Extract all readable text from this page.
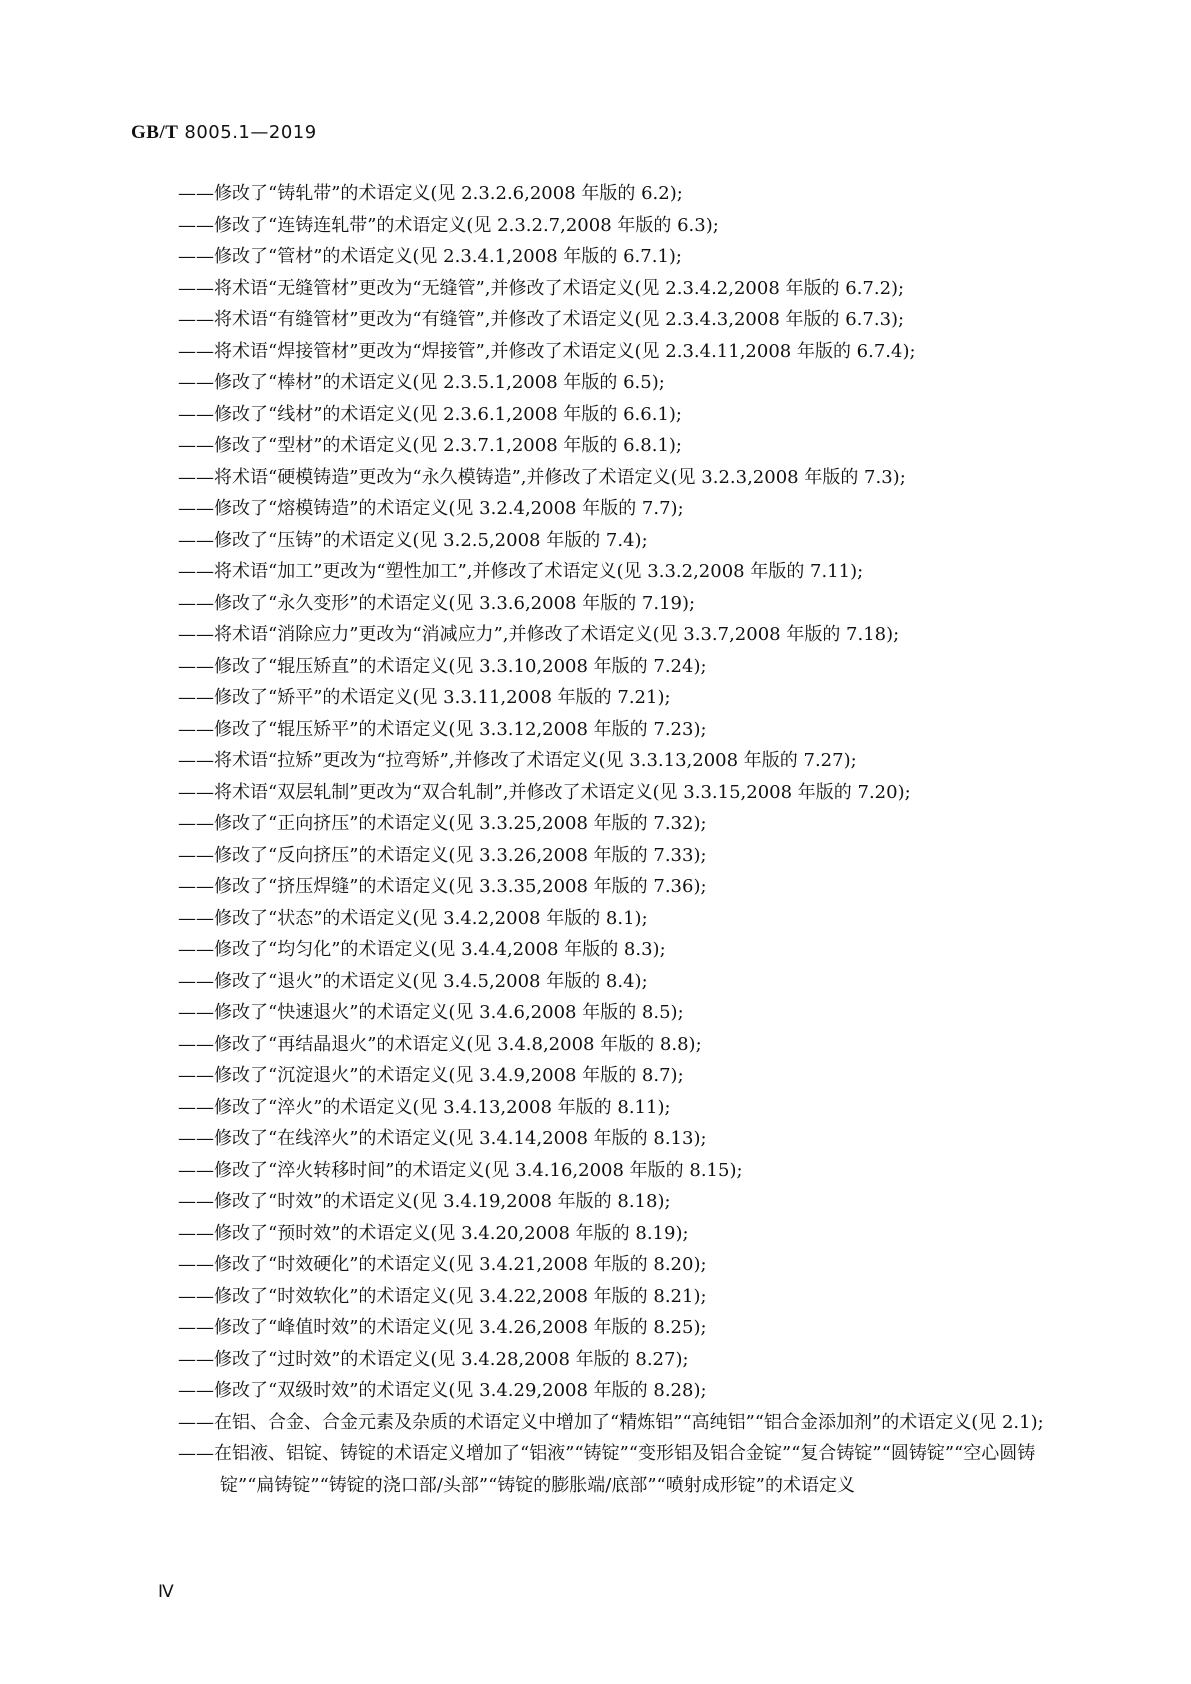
GB/T 8005.1—2019
——修改了“铸轧带”的术语定义(见 2.3.2.6,2008 年版的 6.2);
——修改了“连铸连轧带”的术语定义(见 2.3.2.7,2008 年版的 6.3);
——修改了“管材”的术语定义(见 2.3.4.1,2008 年版的 6.7.1);
——将术语“无缝管材”更改为“无缝管”,并修改了术语定义(见 2.3.4.2,2008 年版的 6.7.2);
——将术语“有缝管材”更改为“有缝管”,并修改了术语定义(见 2.3.4.3,2008 年版的 6.7.3);
——将术语“焊接管材”更改为“焊接管”,并修改了术语定义(见 2.3.4.11,2008 年版的 6.7.4);
——修改了“棒材”的术语定义(见 2.3.5.1,2008 年版的 6.5);
——修改了“线材”的术语定义(见 2.3.6.1,2008 年版的 6.6.1);
——修改了“型材”的术语定义(见 2.3.7.1,2008 年版的 6.8.1);
——将术语“硬模铸造”更改为“永久模铸造”,并修改了术语定义(见 3.2.3,2008 年版的 7.3);
——修改了“熔模铸造”的术语定义(见 3.2.4,2008 年版的 7.7);
——修改了“压铸”的术语定义(见 3.2.5,2008 年版的 7.4);
——将术语“加工”更改为“塑性加工”,并修改了术语定义(见 3.3.2,2008 年版的 7.11);
——修改了“永久变形”的术语定义(见 3.3.6,2008 年版的 7.19);
——将术语“消除应力”更改为“消减应力”,并修改了术语定义(见 3.3.7,2008 年版的 7.18);
——修改了“辊压矫直”的术语定义(见 3.3.10,2008 年版的 7.24);
——修改了“矫平”的术语定义(见 3.3.11,2008 年版的 7.21);
——修改了“辊压矫平”的术语定义(见 3.3.12,2008 年版的 7.23);
——将术语“拉矫”更改为“拉弯矫”,并修改了术语定义(见 3.3.13,2008 年版的 7.27);
——将术语“双层轧制”更改为“双合轧制”,并修改了术语定义(见 3.3.15,2008 年版的 7.20);
——修改了“正向挤压”的术语定义(见 3.3.25,2008 年版的 7.32);
——修改了“反向挤压”的术语定义(见 3.3.26,2008 年版的 7.33);
——修改了“挤压焊缝”的术语定义(见 3.3.35,2008 年版的 7.36);
——修改了“状态”的术语定义(见 3.4.2,2008 年版的 8.1);
——修改了“均匀化”的术语定义(见 3.4.4,2008 年版的 8.3);
——修改了“退火”的术语定义(见 3.4.5,2008 年版的 8.4);
——修改了“快速退火”的术语定义(见 3.4.6,2008 年版的 8.5);
——修改了“再结晶退火”的术语定义(见 3.4.8,2008 年版的 8.8);
——修改了“沉淀退火”的术语定义(见 3.4.9,2008 年版的 8.7);
——修改了“淬火”的术语定义(见 3.4.13,2008 年版的 8.11);
——修改了“在线淬火”的术语定义(见 3.4.14,2008 年版的 8.13);
——修改了“淬火转移时间”的术语定义(见 3.4.16,2008 年版的 8.15);
——修改了“时效”的术语定义(见 3.4.19,2008 年版的 8.18);
——修改了“预时效”的术语定义(见 3.4.20,2008 年版的 8.19);
——修改了“时效硬化”的术语定义(见 3.4.21,2008 年版的 8.20);
——修改了“时效软化”的术语定义(见 3.4.22,2008 年版的 8.21);
——修改了“峰值时效”的术语定义(见 3.4.26,2008 年版的 8.25);
——修改了“过时效”的术语定义(见 3.4.28,2008 年版的 8.27);
——修改了“双级时效”的术语定义(见 3.4.29,2008 年版的 8.28);
——在铝、合金、合金元素及杂质的术语定义中增加了“精炼铝”“高纯铝”“铝合金添加剂”的术语定义(见 2.1);
——在铝液、铝锭、铸锭的术语定义增加了“铝液”“铸锭”“变形铝及铝合金锭”“复合铸锭”“圆铸锭”“空心圆铸锭”“扁铸锭”“铸锭的浇口部/头部”“铸锭的膨胀端/底部”“喷射成形锭”的术语定义
Ⅳ
